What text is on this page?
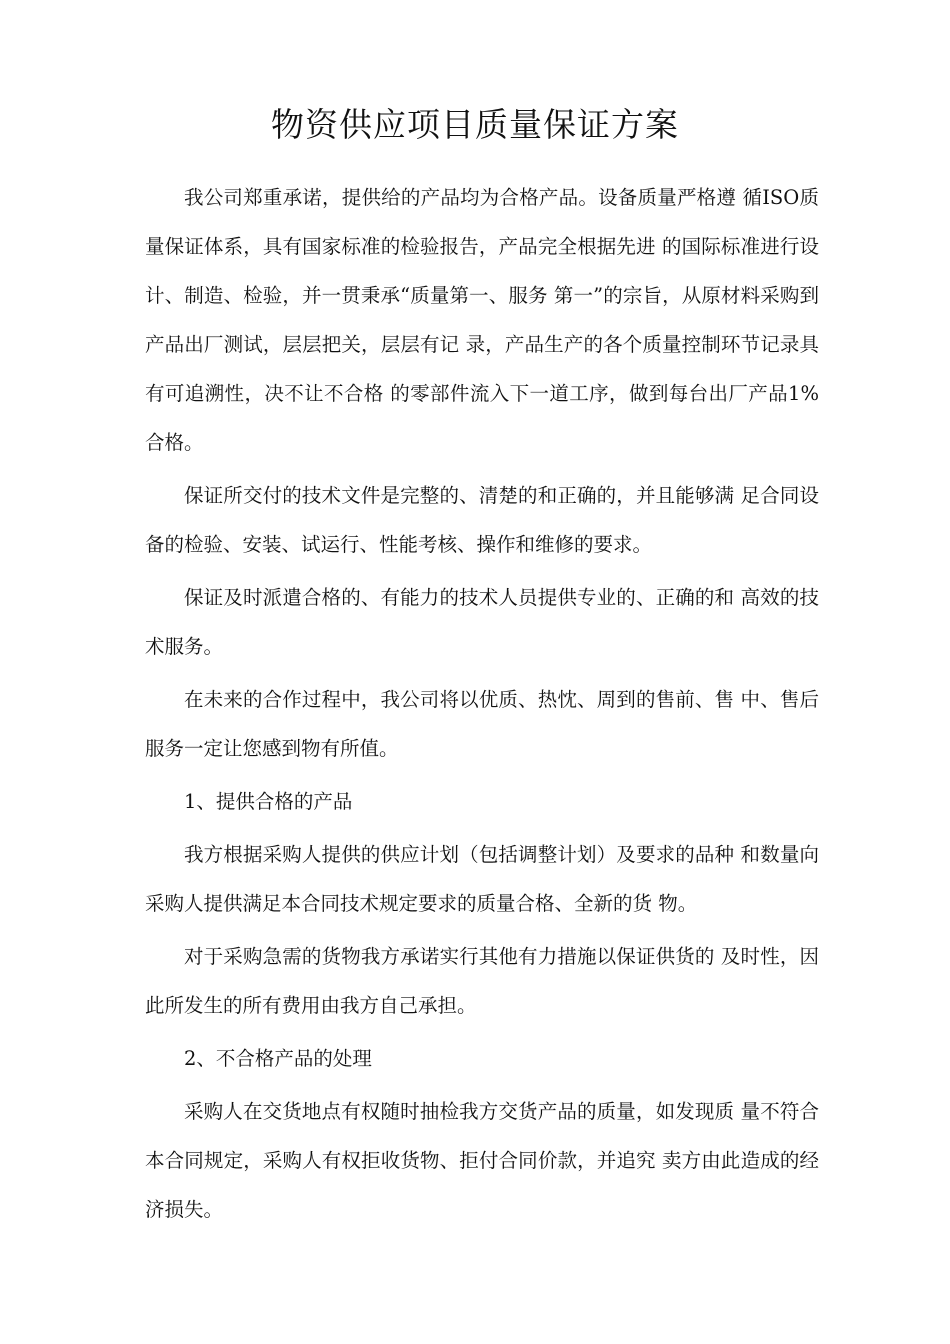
物资供应项目质量保证方案

我公司郑重承诺，提供给的产品均为合格产品。设备质量严格遵 循ISO质量保证体系，具有国家标准的检验报告，产品完全根据先进 的国际标准进行设计、制造、检验，并一贯秉承“质量第一、服务 第一”的宗旨，从原材料采购到产品出厂测试，层层把关，层层有记 录，产品生产的各个质量控制环节记录具有可追溯性，决不让不合格 的零部件流入下一道工序，做到每台出厂产品1%合格。

保证所交付的技术文件是完整的、清楚的和正确的，并且能够满 足合同设备的检验、安装、试运行、性能考核、操作和维修的要求。

保证及时派遣合格的、有能力的技术人员提供专业的、正确的和 高效的技术服务。

在未来的合作过程中，我公司将以优质、热忱、周到的售前、售 中、售后服务一定让您感到物有所值。

1、提供合格的产品

我方根据采购人提供的供应计划（包括调整计划）及要求的品种 和数量向采购人提供满足本合同技术规定要求的质量合格、全新的货 物。

对于采购急需的货物我方承诺实行其他有力措施以保证供货的 及时性，因此所发生的所有费用由我方自己承担。

2、不合格产品的处理

采购人在交货地点有权随时抽检我方交货产品的质量，如发现质 量不符合本合同规定，采购人有权拒收货物、拒付合同价款，并追究 卖方由此造成的经济损失。
